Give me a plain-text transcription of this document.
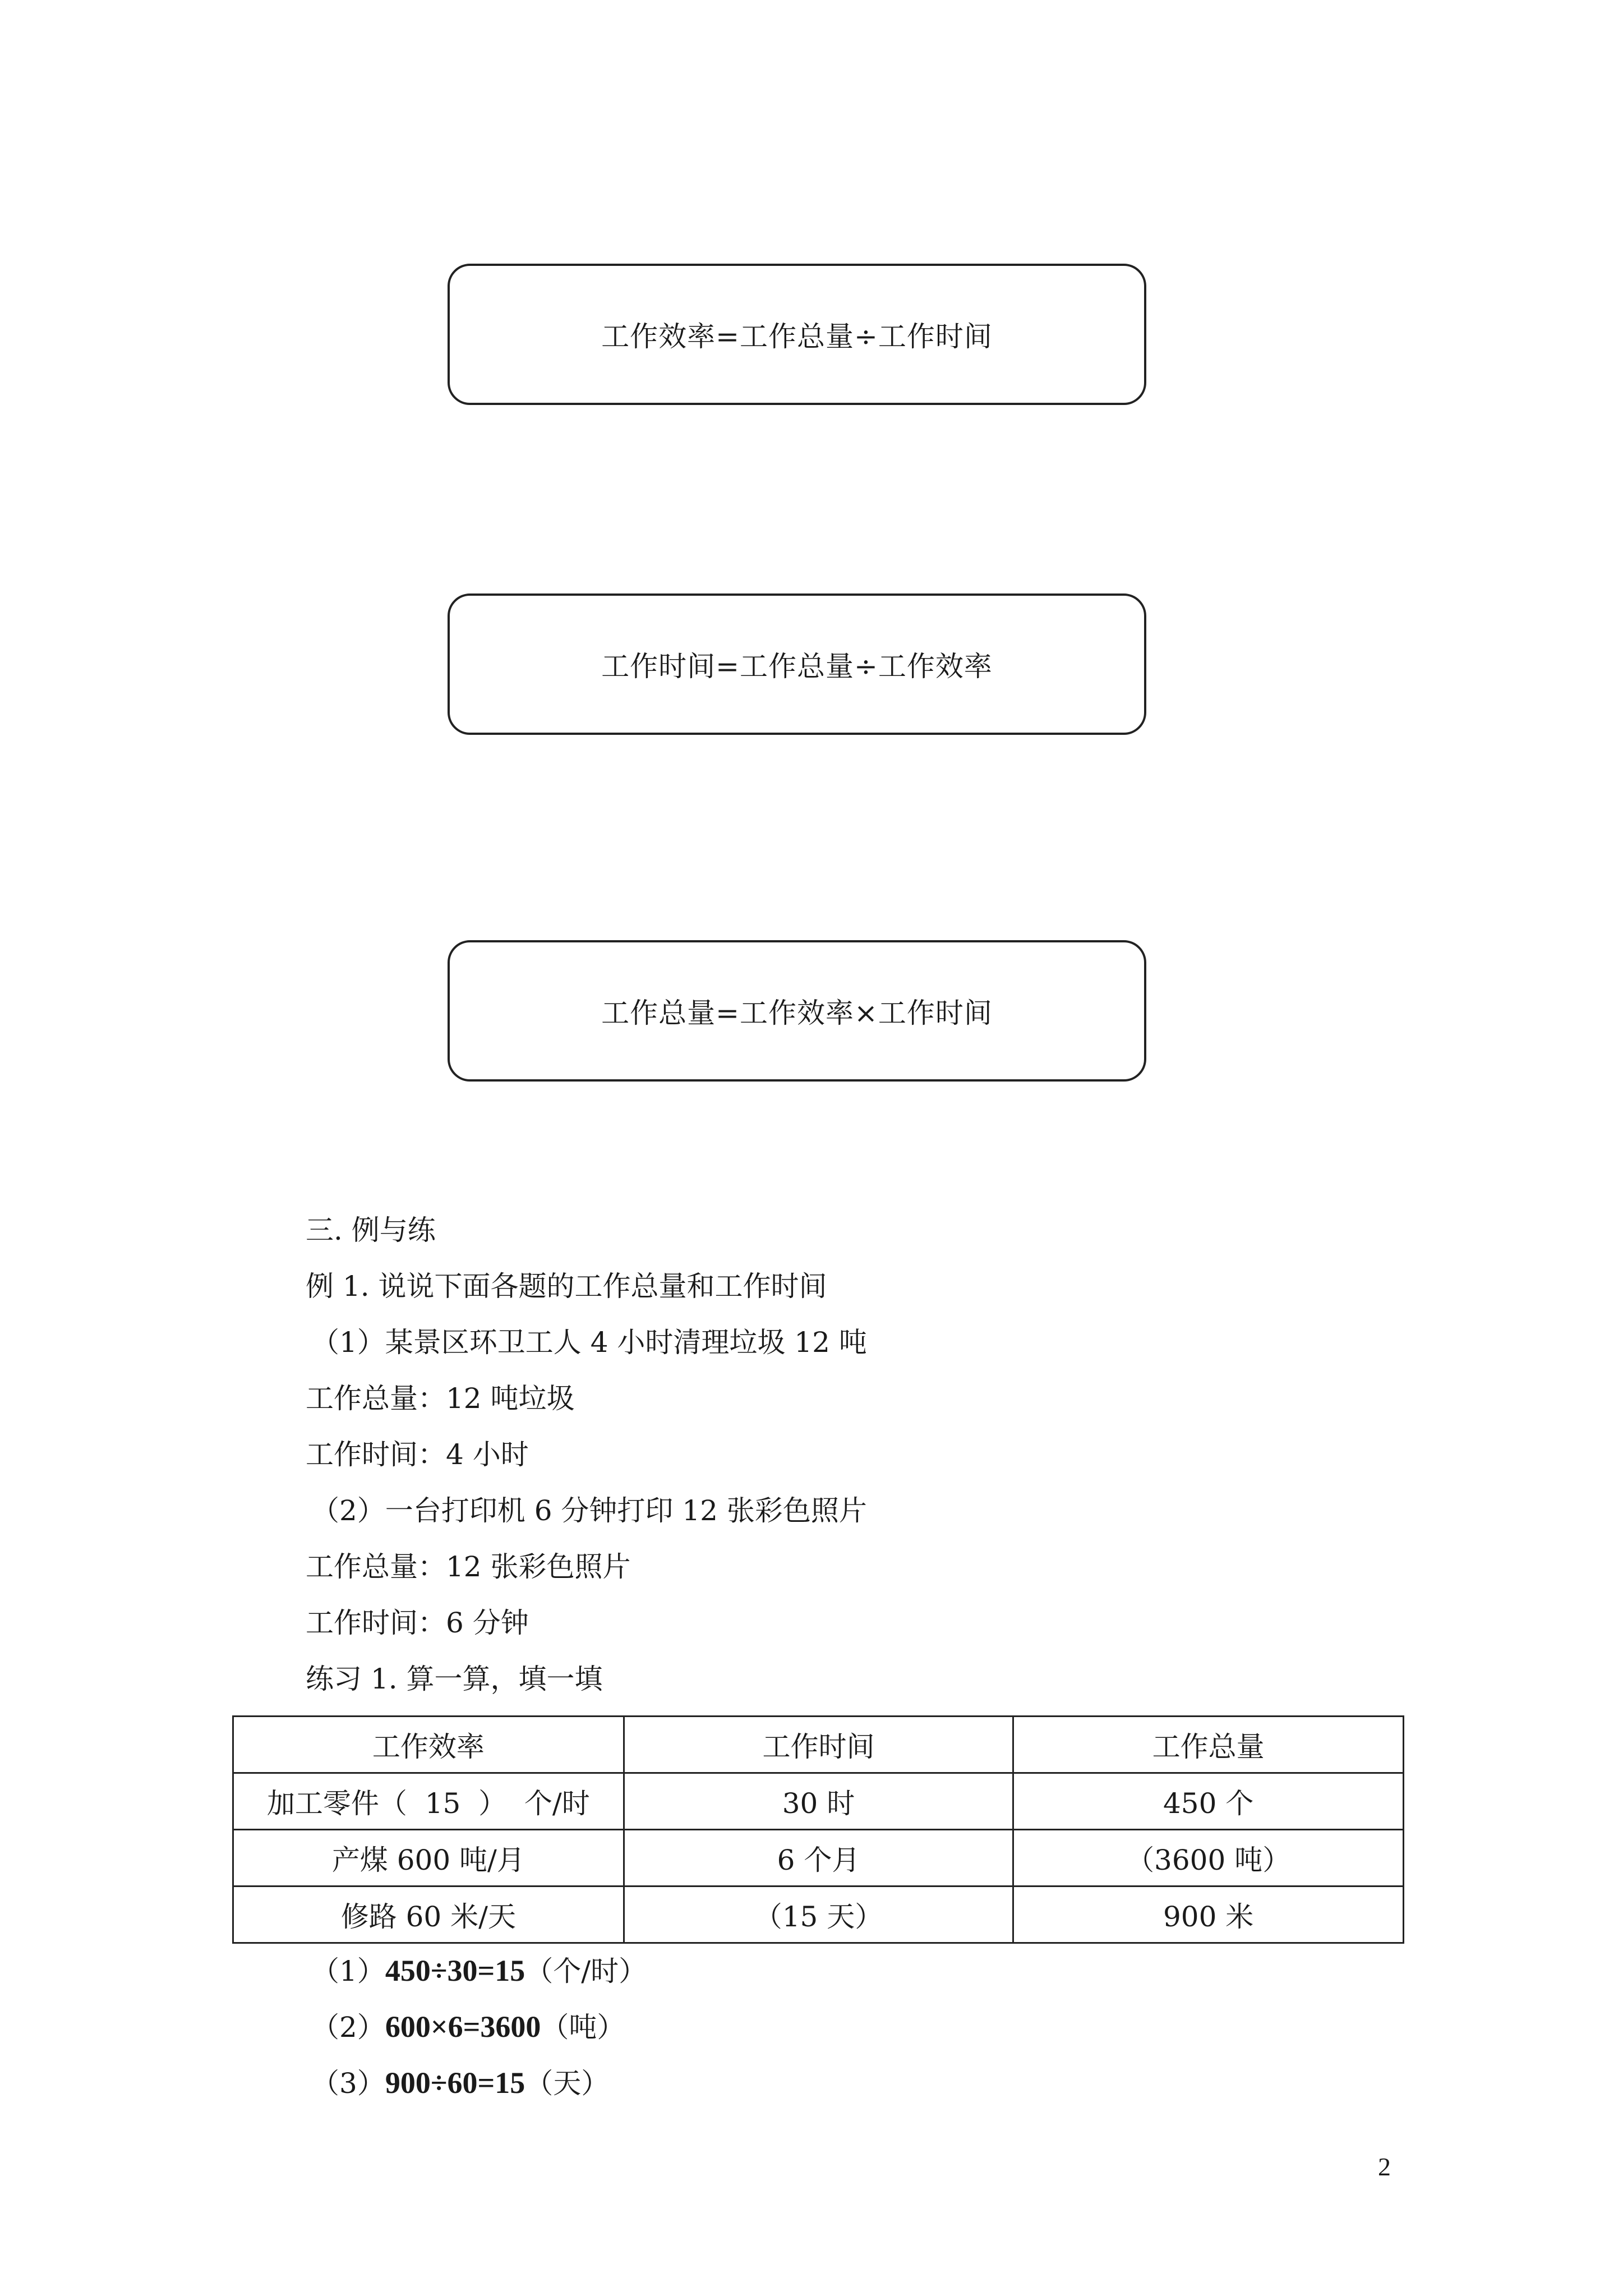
工作效率=工作总量÷工作时间
工作时间=工作总量÷工作效率
工作总量=工作效率×工作时间
三. 例与练
例 1. 说说下面各题的工作总量和工作时间
（1）某景区环卫工人 4 小时清理垃圾 12 吨
工作总量：12 吨垃圾
工作时间：4 小时
（2）一台打印机 6 分钟打印 12 张彩色照片
工作总量：12 张彩色照片
工作时间：6 分钟
练习 1. 算一算，填一填
工作效率	工作时间	工作总量
加工零件（  15  ）  个/时	30 时	450 个
产煤 600 吨/月	6 个月	（3600 吨）
修路 60 米/天	（15 天）	900 米
（1）450÷30=15（个/时）
（2）600×6=3600（吨）
（3）900÷60=15（天）
2
